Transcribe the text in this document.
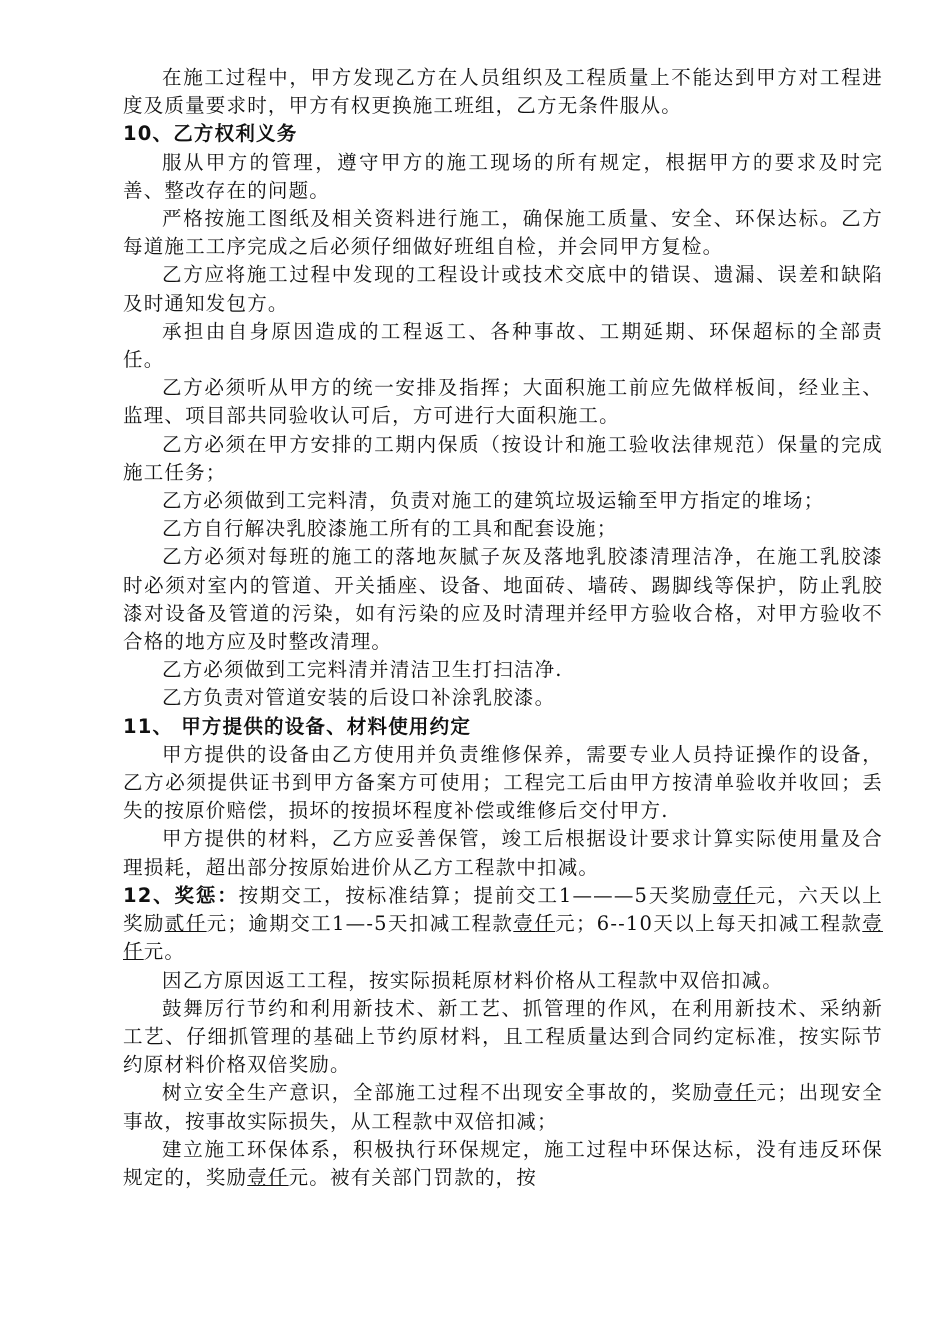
在施工过程中，甲方发现乙方在人员组织及工程质量上不能达到甲方对工程进度及质量要求时，甲方有权更换施工班组，乙方无条件服从。

10、乙方权利义务

服从甲方的管理，遵守甲方的施工现场的所有规定，根据甲方的要求及时完善、整改存在的问题。

严格按施工图纸及相关资料进行施工，确保施工质量、安全、环保达标。乙方每道施工工序完成之后必须仔细做好班组自检，并会同甲方复检。

乙方应将施工过程中发现的工程设计或技术交底中的错误、遗漏、误差和缺陷及时通知发包方。

承担由自身原因造成的工程返工、各种事故、工期延期、环保超标的全部责任。

乙方必须听从甲方的统一安排及指挥；大面积施工前应先做样板间，经业主、监理、项目部共同验收认可后，方可进行大面积施工。

乙方必须在甲方安排的工期内保质（按设计和施工验收法律规范）保量的完成施工任务；

乙方必须做到工完料清，负责对施工的建筑垃圾运输至甲方指定的堆场；

乙方自行解决乳胶漆施工所有的工具和配套设施；

乙方必须对每班的施工的落地灰腻子灰及落地乳胶漆清理洁净，在施工乳胶漆时必须对室内的管道、开关插座、设备、地面砖、墙砖、踢脚线等保护，防止乳胶漆对设备及管道的污染，如有污染的应及时清理并经甲方验收合格，对甲方验收不合格的地方应及时整改清理。

乙方必须做到工完料清并清洁卫生打扫洁净.

乙方负责对管道安装的后设口补涂乳胶漆。

11、 甲方提供的设备、材料使用约定

甲方提供的设备由乙方使用并负责维修保养，需要专业人员持证操作的设备，乙方必须提供证书到甲方备案方可使用；工程完工后由甲方按清单验收并收回；丢失的按原价赔偿，损坏的按损坏程度补偿或维修后交付甲方.

甲方提供的材料，乙方应妥善保管，竣工后根据设计要求计算实际使用量及合理损耗，超出部分按原始进价从乙方工程款中扣减。

12、奖惩：按期交工，按标准结算；提前交工1———5天奖励壹仟元，六天以上奖励贰仟元；逾期交工1—-5天扣减工程款壹仟元；6--10天以上每天扣减工程款壹仟元。

因乙方原因返工工程，按实际损耗原材料价格从工程款中双倍扣减。

鼓舞厉行节约和利用新技术、新工艺、抓管理的作风，在利用新技术、采纳新工艺、仔细抓管理的基础上节约原材料，且工程质量达到合同约定标准，按实际节约原材料价格双倍奖励。

树立安全生产意识，全部施工过程不出现安全事故的，奖励壹仟元；出现安全事故，按事故实际损失，从工程款中双倍扣减；

建立施工环保体系，积极执行环保规定，施工过程中环保达标，没有违反环保规定的，奖励壹仟元。被有关部门罚款的，按
